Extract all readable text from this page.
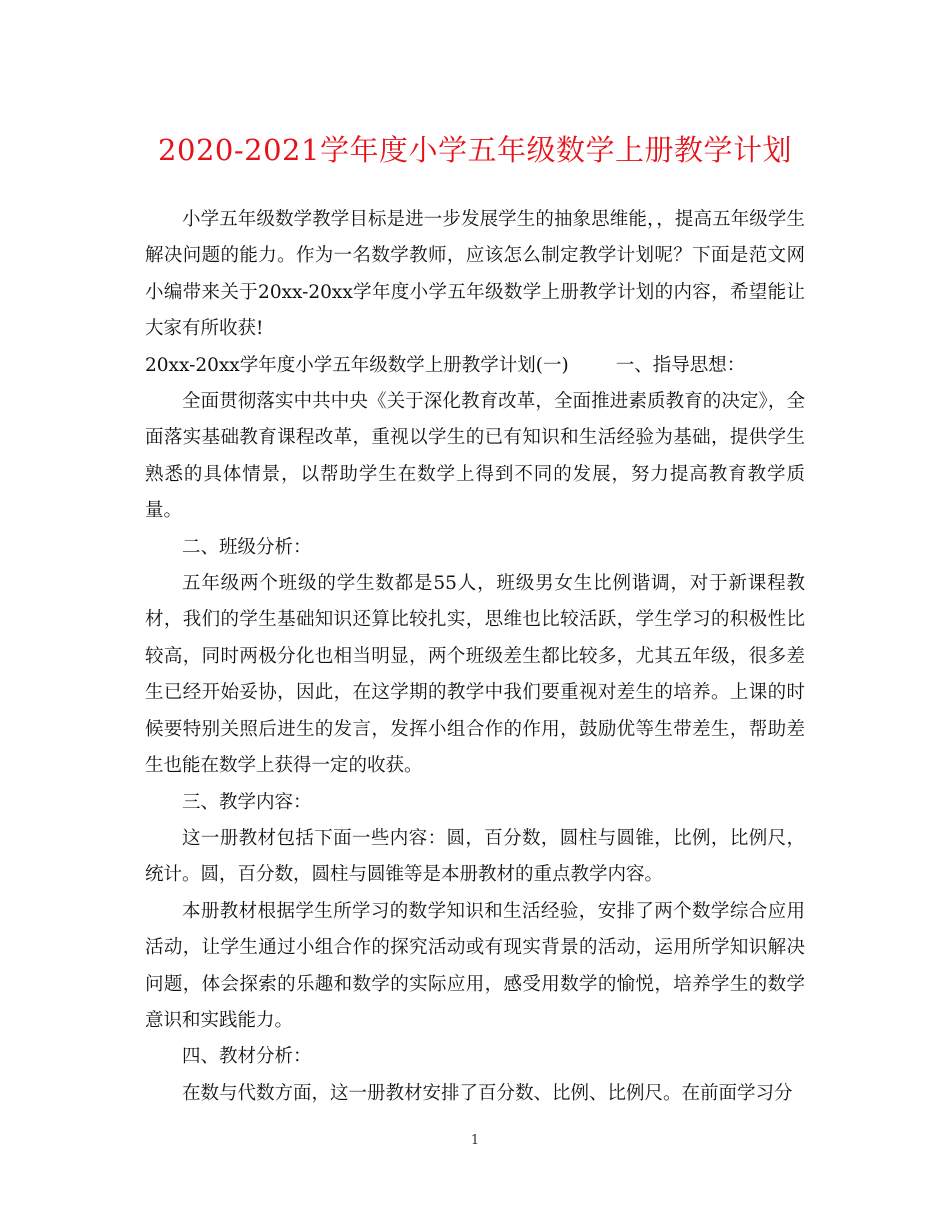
2020-2021学年度小学五年级数学上册教学计划

小学五年级数学教学目标是进一步发展学生的抽象思维能，，提高五年级学生解决问题的能力。作为一名数学教师，应该怎么制定教学计划呢？下面是范文网小编带来关于20xx-20xx学年度小学五年级数学上册教学计划的内容，希望能让大家有所收获!

20xx-20xx学年度小学五年级数学上册教学计划(一)	一、指导思想：

全面贯彻落实中共中央《关于深化教育改革，全面推进素质教育的决定》，全面落实基础教育课程改革，重视以学生的已有知识和生活经验为基础，提供学生熟悉的具体情景，以帮助学生在数学上得到不同的发展，努力提高教育教学质量。

二、班级分析：

五年级两个班级的学生数都是55人，班级男女生比例谐调，对于新课程教材，我们的学生基础知识还算比较扎实，思维也比较活跃，学生学习的积极性比较高，同时两极分化也相当明显，两个班级差生都比较多，尤其五年级，很多差生已经开始妥协，因此，在这学期的教学中我们要重视对差生的培养。上课的时候要特别关照后进生的发言，发挥小组合作的作用，鼓励优等生带差生，帮助差生也能在数学上获得一定的收获。

三、教学内容：

这一册教材包括下面一些内容：圆，百分数，圆柱与圆锥，比例，比例尺，统计。圆，百分数，圆柱与圆锥等是本册教材的重点教学内容。

本册教材根据学生所学习的数学知识和生活经验，安排了两个数学综合应用活动，让学生通过小组合作的探究活动或有现实背景的活动，运用所学知识解决问题，体会探索的乐趣和数学的实际应用，感受用数学的愉悦，培养学生的数学意识和实践能力。

四、教材分析：

在数与代数方面，这一册教材安排了百分数、比例、比例尺。在前面学习分

1
